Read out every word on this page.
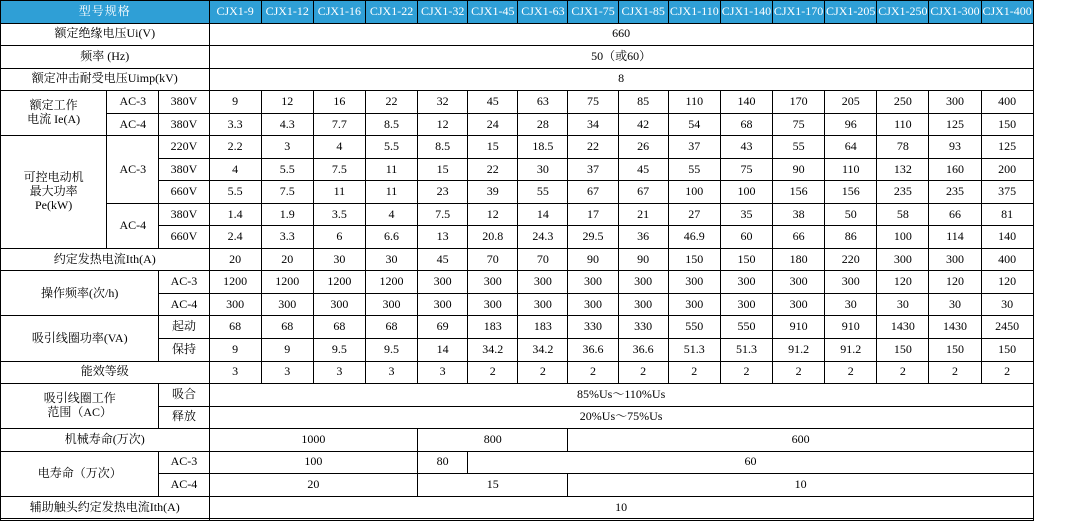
型号规格			CJX1-9	CJX1-12	CJX1-16	CJX1-22	CJX1-32	CJX1-45	CJX1-63	CJX1-75	CJX1-85	CJX1-110	CJX1-140	CJX1-170	CJX1-205	CJX1-250	CJX1-300	CJX1-400
额定绝缘电压Ui(V)			660															
频率 (Hz)			50（或60）															
额定冲击耐受电压Uimp(kV)			8															

额定工作
电流 Ie(A)	AC-3	380V	9	12	16	22	32	45	63	75	85	110	140	170	205	250	300	400
	AC-4	380V	3.3	4.3	7.7	8.5	12	24	28	34	42	54	68	75	96	110	125	150

可控电动机
最大功率
Pe(kW)	AC-3	220V	2.2	3	4	5.5	8.5	15	18.5	22	26	37	43	55	64	78	93	125
		380V	4	5.5	7.5	11	15	22	30	37	45	55	75	90	110	132	160	200
		660V	5.5	7.5	11	11	23	39	55	67	67	100	100	156	156	235	235	375
	AC-4	380V	1.4	1.9	3.5	4	7.5	12	14	17	21	27	35	38	50	58	66	81
		660V	2.4	3.3	6	6.6	13	20.8	24.3	29.5	36	46.9	60	66	86	100	114	140
约定发热电流Ith(A)			20	20	30	30	45	70	70	90	90	150	150	180	220	300	300	400
操作频率(次/h)		AC-3	1200	1200	1200	1200	300	300	300	300	300	300	300	300	300	120	120	120
		AC-4	300	300	300	300	300	300	300	300	300	300	300	300	30	30	30	30
吸引线圈功率(VA)		起动	68	68	68	68	69	183	183	330	330	550	550	910	910	1430	1430	2450
		保持	9	9	9.5	9.5	14	34.2	34.2	36.6	36.6	51.3	51.3	91.2	91.2	150	150	150
能效等级			3	3	3	3	3	2	2	2	2	2	2	2	2	2	2	2

吸引线圈工作
范围（AC）		吸合	85%Us～110%Us															
		释放	20%Us～75%Us															
机械寿命(万次)			1000				800			600								
电寿命（万次）		AC-3	100				80	60										
		AC-4	20				15			10								
辅助触头约定发热电流Ith(A)			10															
